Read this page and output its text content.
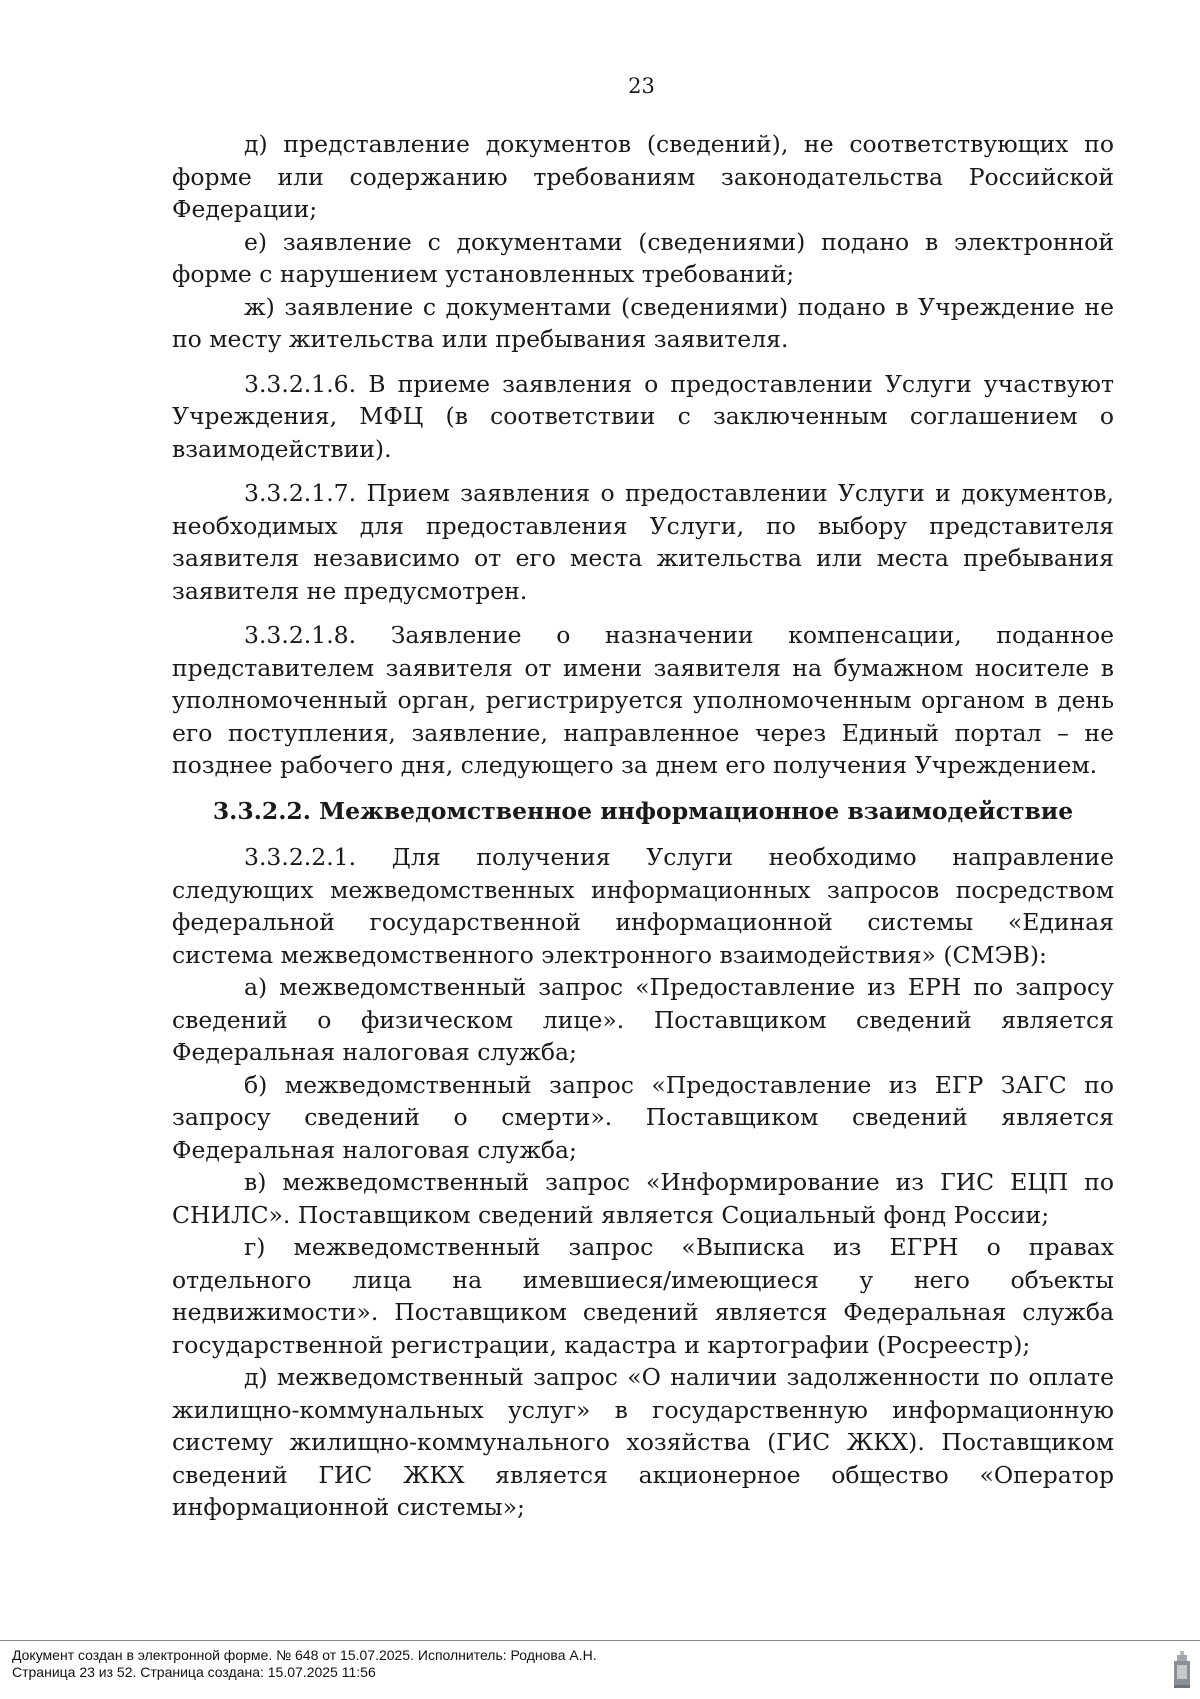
23

д) представление документов (сведений), не соответствующих по форме или содержанию требованиям законодательства Российской Федерации;

е) заявление с документами (сведениями) подано в электронной форме с нарушением установленных требований;

ж) заявление с документами (сведениями) подано в Учреждение не по месту жительства или пребывания заявителя.

3.3.2.1.6. В приеме заявления о предоставлении Услуги участвуют Учреждения, МФЦ (в соответствии с заключенным соглашением о взаимодействии).

3.3.2.1.7. Прием заявления о предоставлении Услуги и документов, необходимых для предоставления Услуги, по выбору представителя заявителя независимо от его места жительства или места пребывания заявителя не предусмотрен.

3.3.2.1.8. Заявление о назначении компенсации, поданное представителем заявителя от имени заявителя на бумажном носителе в уполномоченный орган, регистрируется уполномоченным органом в день его поступления, заявление, направленное через Единый портал – не позднее рабочего дня, следующего за днем его получения Учреждением.

3.3.2.2. Межведомственное информационное взаимодействие

3.3.2.2.1. Для получения Услуги необходимо направление следующих межведомственных информационных запросов посредством федеральной государственной информационной системы «Единая система межведомственного электронного взаимодействия» (СМЭВ):

а) межведомственный запрос «Предоставление из ЕРН по запросу сведений о физическом лице». Поставщиком сведений является Федеральная налоговая служба;

б) межведомственный запрос «Предоставление из ЕГР ЗАГС по запросу сведений о смерти». Поставщиком сведений является Федеральная налоговая служба;

в) межведомственный запрос «Информирование из ГИС ЕЦП по СНИЛС». Поставщиком сведений является Социальный фонд России;

г) межведомственный запрос «Выписка из ЕГРН о правах отдельного лица на имевшиеся/имеющиеся у него объекты недвижимости». Поставщиком сведений является Федеральная служба государственной регистрации, кадастра и картографии (Росреестр);

д) межведомственный запрос «О наличии задолженности по оплате жилищно-коммунальных услуг» в государственную информационную систему жилищно-коммунального хозяйства (ГИС ЖКХ). Поставщиком сведений ГИС ЖКХ является акционерное общество «Оператор информационной системы»;

Документ создан в электронной форме. № 648 от 15.07.2025. Исполнитель: Роднова А.Н.
Страница 23 из 52. Страница создана: 15.07.2025 11:56
